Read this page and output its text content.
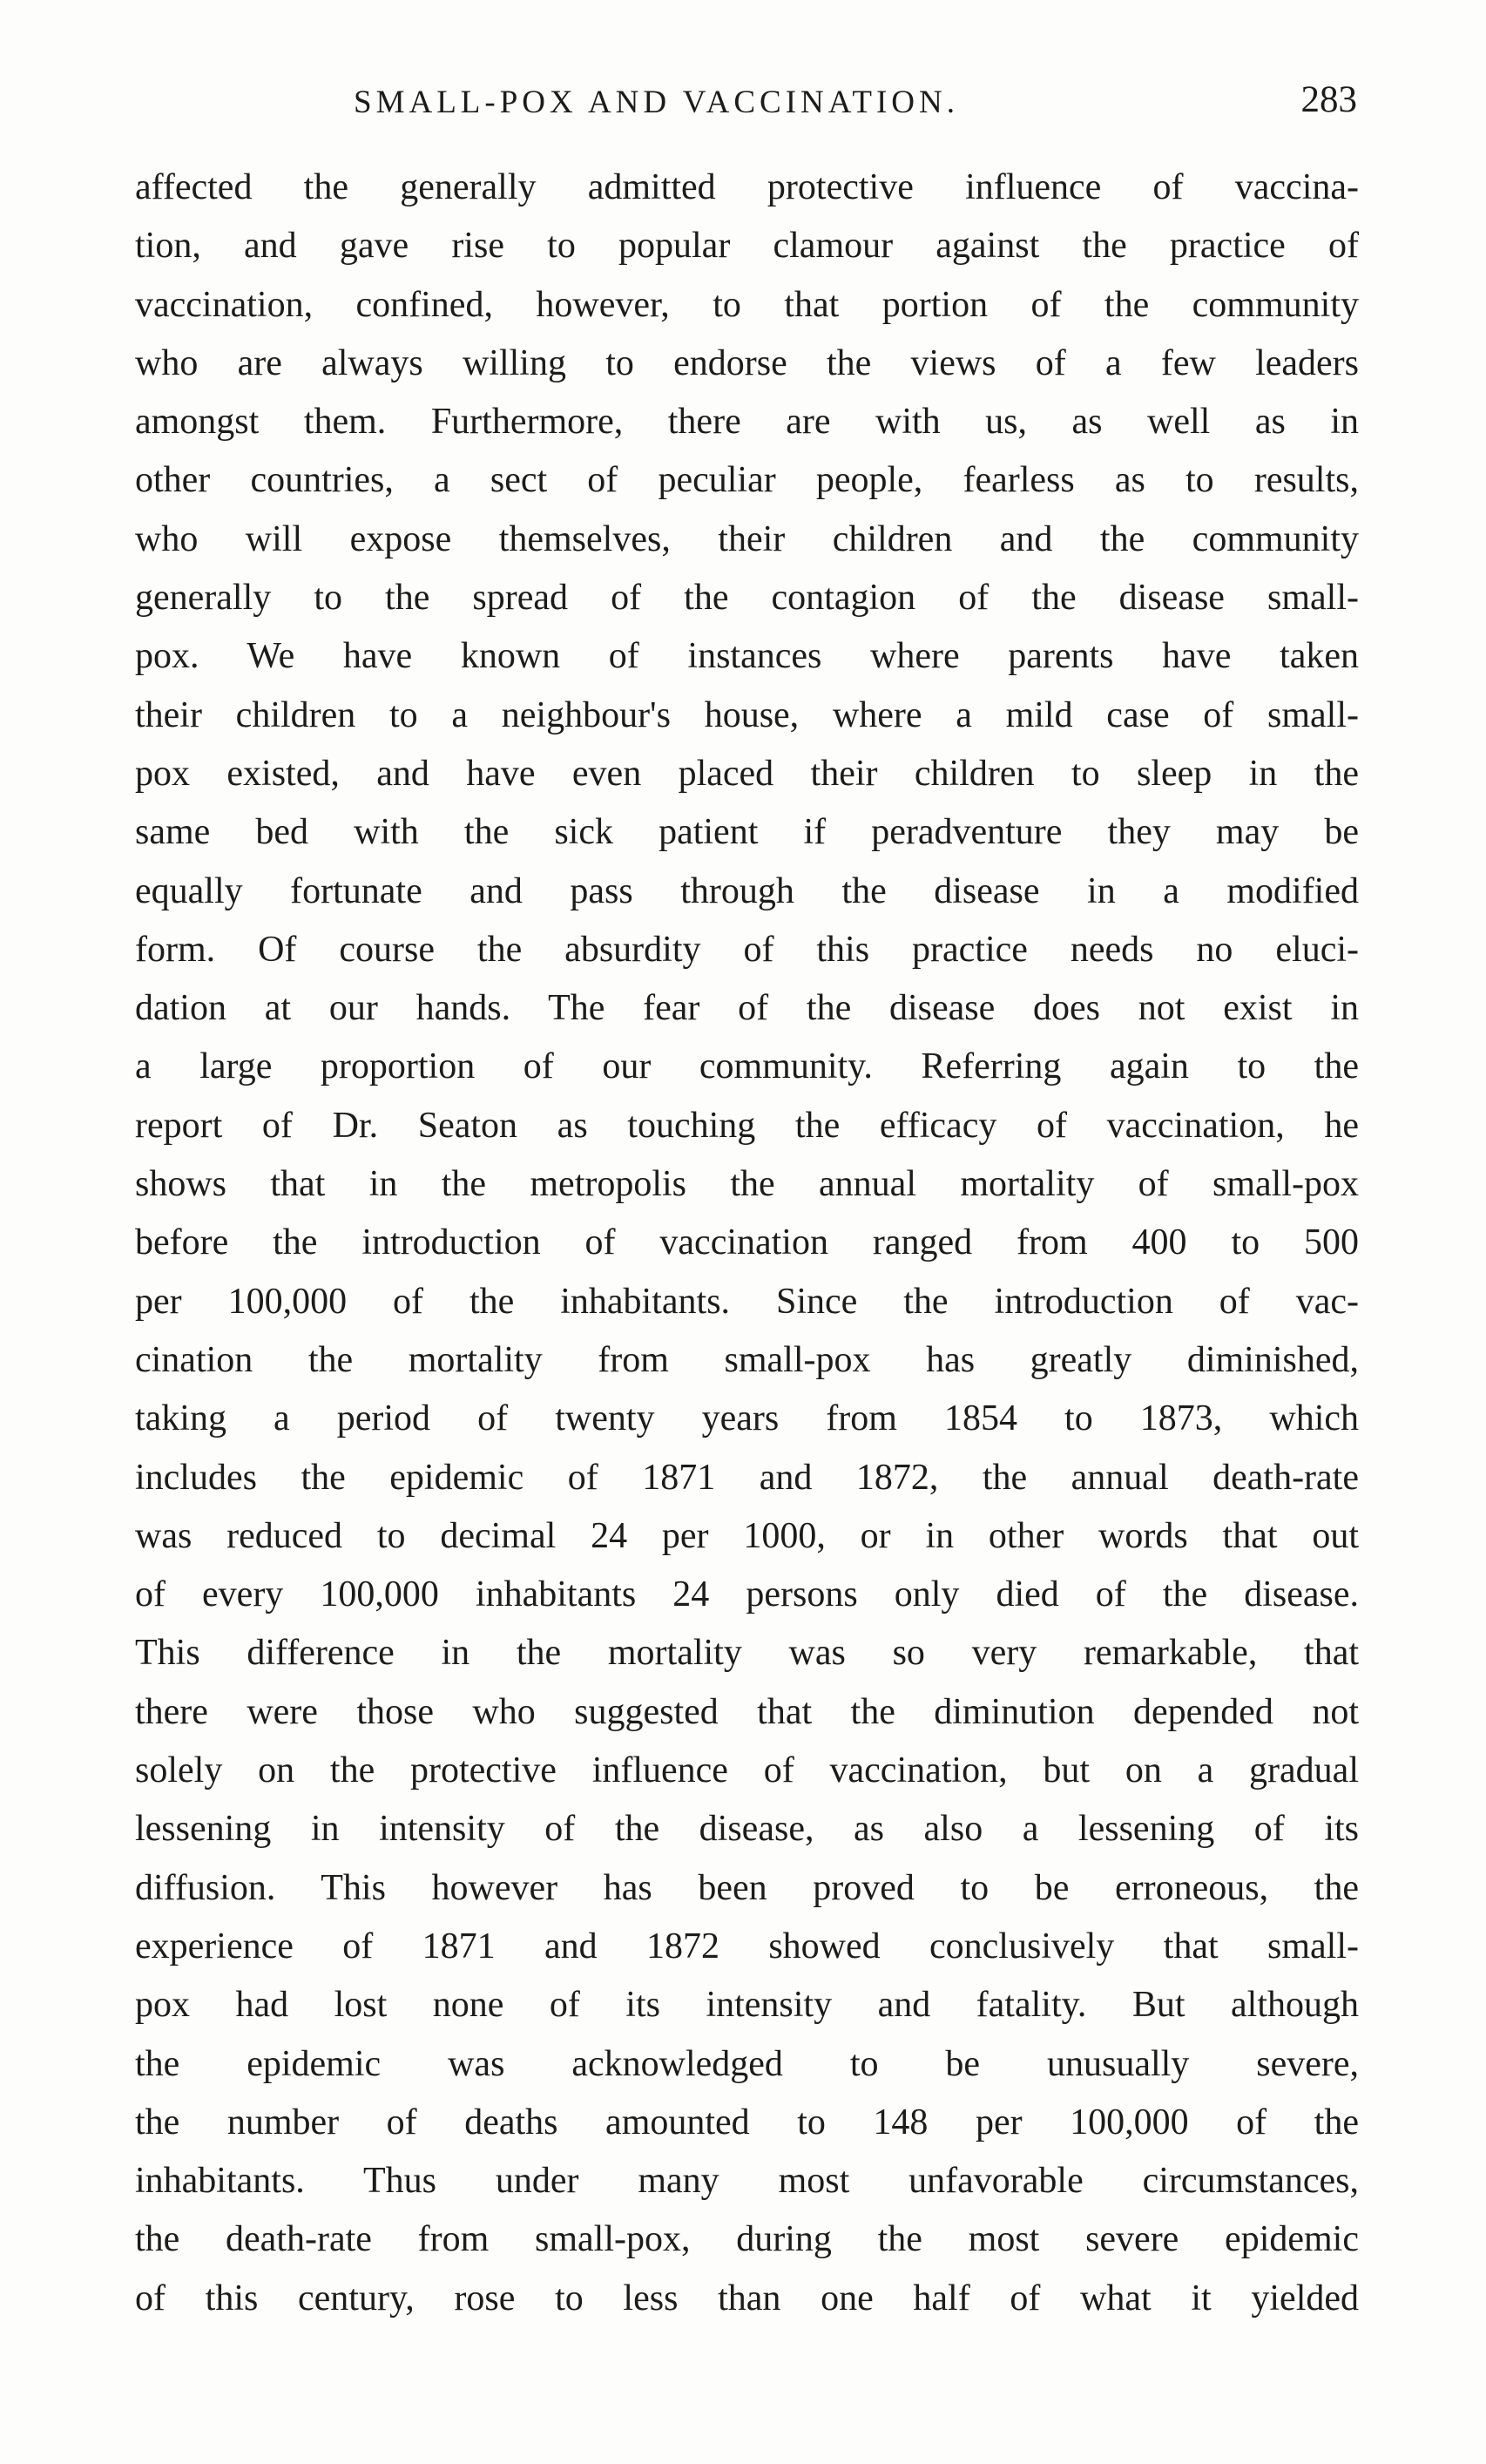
SMALL-POX AND VACCINATION.	283
affected the generally admitted protective influence of vaccina-
tion, and gave rise to popular clamour against the practice of
vaccination, confined, however, to that portion of the community
who are always willing to endorse the views of a few leaders
amongst them. Furthermore, there are with us, as well as in
other countries, a sect of peculiar people, fearless as to results,
who will expose themselves, their children and the community
generally to the spread of the contagion of the disease small-
pox. We have known of instances where parents have taken
their children to a neighbour's house, where a mild case of small-
pox existed, and have even placed their children to sleep in the
same bed with the sick patient if peradventure they may be
equally fortunate and pass through the disease in a modified
form. Of course the absurdity of this practice needs no eluci-
dation at our hands. The fear of the disease does not exist in
a large proportion of our community. Referring again to the
report of Dr. Seaton as touching the efficacy of vaccination, he
shows that in the metropolis the annual mortality of small-pox
before the introduction of vaccination ranged from 400 to 500
per 100,000 of the inhabitants. Since the introduction of vac-
cination the mortality from small-pox has greatly diminished,
taking a period of twenty years from 1854 to 1873, which
includes the epidemic of 1871 and 1872, the annual death-rate
was reduced to decimal 24 per 1000, or in other words that out
of every 100,000 inhabitants 24 persons only died of the disease.
This difference in the mortality was so very remarkable, that
there were those who suggested that the diminution depended not
solely on the protective influence of vaccination, but on a gradual
lessening in intensity of the disease, as also a lessening of its
diffusion. This however has been proved to be erroneous, the
experience of 1871 and 1872 showed conclusively that small-
pox had lost none of its intensity and fatality. But although
the epidemic was acknowledged to be unusually severe,
the number of deaths amounted to 148 per 100,000 of the
inhabitants. Thus under many most unfavorable circumstances,
the death-rate from small-pox, during the most severe epidemic
of this century, rose to less than one half of what it yielded
